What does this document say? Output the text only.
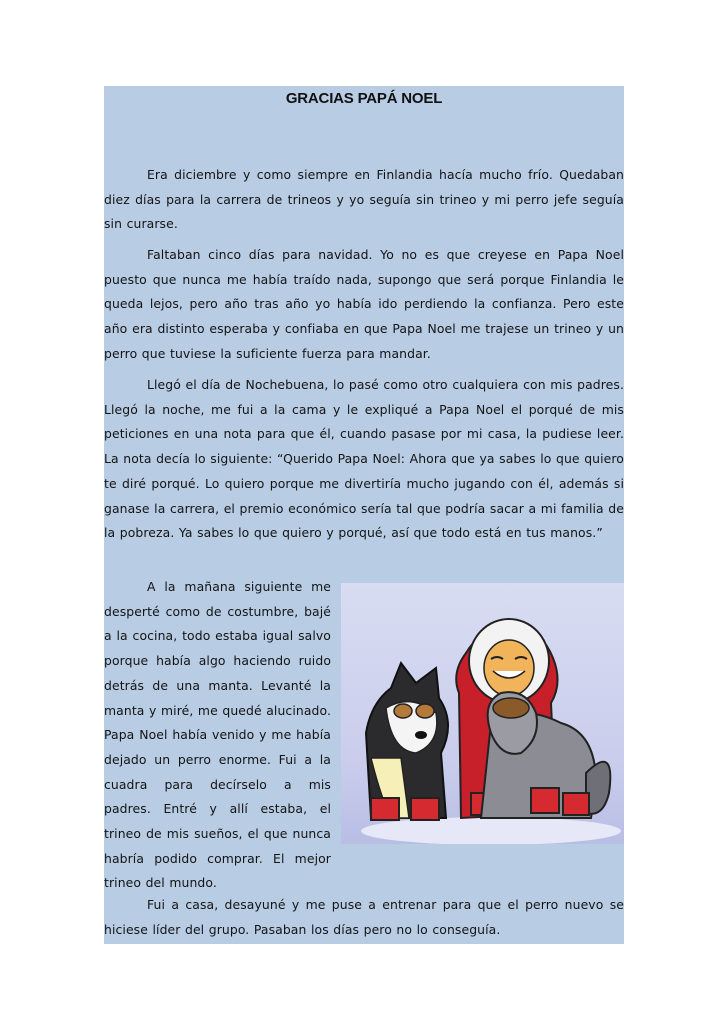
GRACIAS PAPÁ NOEL

Era diciembre y como siempre en Finlandia hacía mucho frío. Quedaban diez días para la carrera de trineos y yo seguía sin trineo y mi perro jefe seguía sin curarse.

Faltaban cinco días para navidad. Yo no es que creyese en Papa Noel puesto que nunca me había traído nada, supongo que será porque Finlandia le queda lejos, pero año tras año yo había ido perdiendo la confianza. Pero este año era distinto esperaba y confiaba en que Papa Noel me trajese un trineo y un perro que tuviese la suficiente fuerza para mandar.

Llegó el día de Nochebuena, lo pasé como otro cualquiera con mis padres. Llegó la noche, me fui a la cama y le expliqué a Papa Noel el porqué de mis peticiones en una nota para que él, cuando pasase por mi casa, la pudiese leer. La nota decía lo siguiente: “Querido Papa Noel: Ahora que ya sabes lo que quiero te diré porqué. Lo quiero porque me divertiría mucho jugando con él, además si ganase la carrera, el premio económico sería tal que podría sacar a mi familia de la pobreza. Ya sabes lo que quiero y porqué, así que todo está en tus manos.”

A la mañana siguiente me desperté como de costumbre, bajé a la cocina, todo estaba igual salvo porque había algo haciendo ruido detrás de una manta. Levanté la manta y miré, me quedé alucinado. Papa Noel había venido y me había dejado un perro enorme. Fui a la cuadra para decírselo a mis padres. Entré y allí estaba, el trineo de mis sueños, el que nunca habría podido comprar. El mejor trineo del mundo.

Fui a casa, desayuné y me puse a entrenar para que el perro nuevo se hiciese líder del grupo. Pasaban los días pero no lo conseguía.
